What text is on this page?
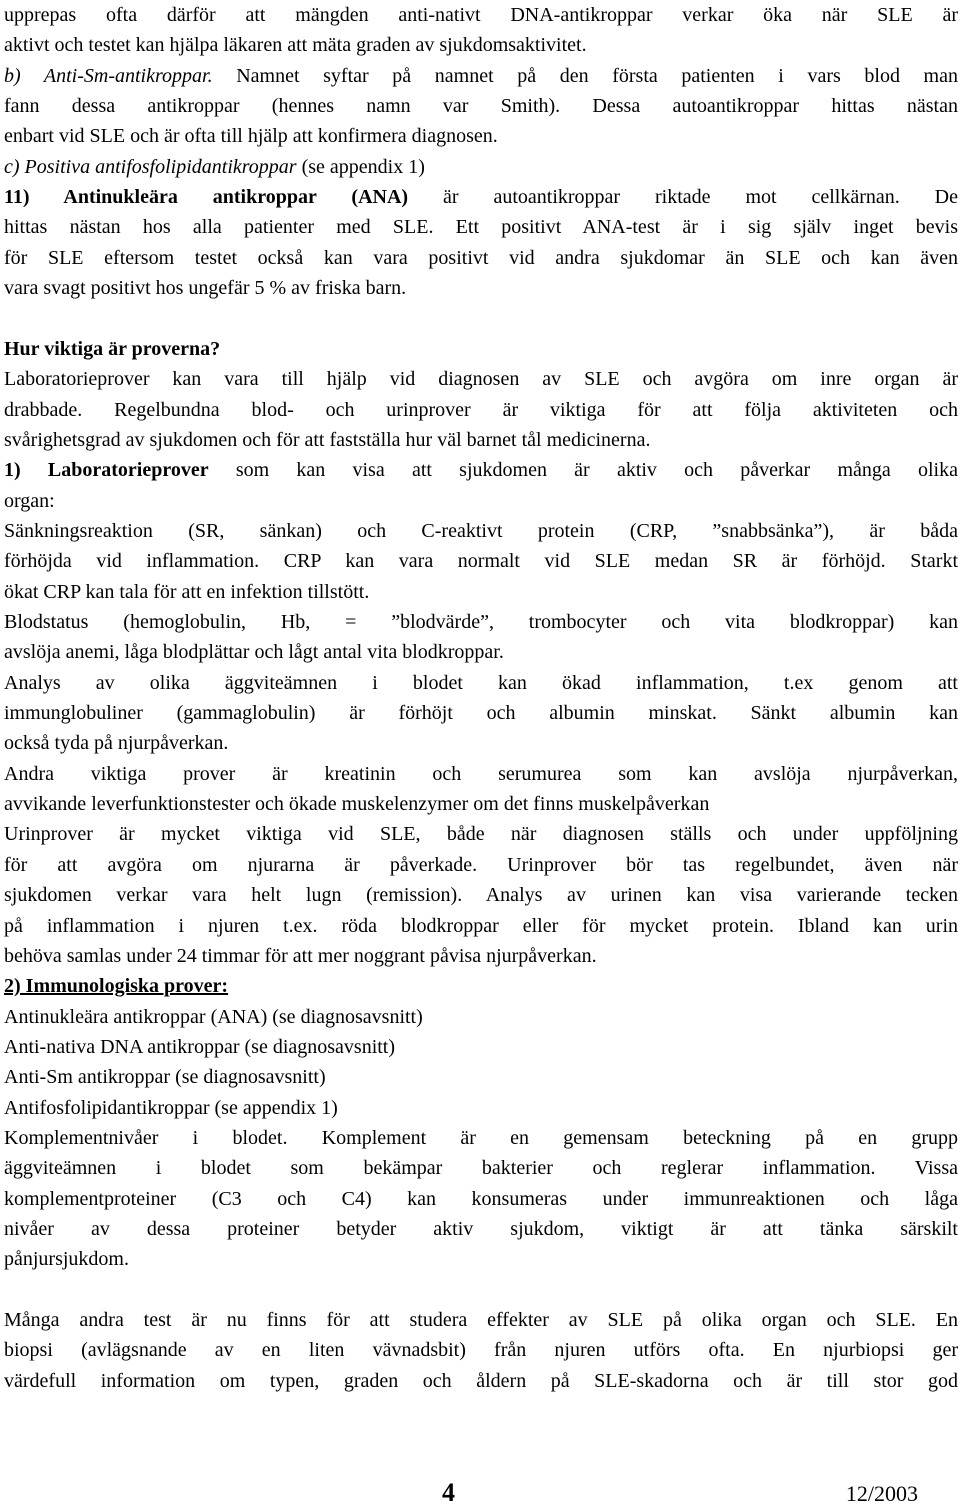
upprepas ofta därför att mängden anti-nativt DNA-antikroppar verkar öka när SLE är
aktivt och testet kan hjälpa läkaren att mäta graden av sjukdomsaktivitet.
b) Anti-Sm-antikroppar. Namnet syftar på namnet på den första patienten i vars blod man
fann dessa antikroppar (hennes namn var Smith). Dessa autoantikroppar hittas nästan
enbart vid SLE och är ofta till hjälp att konfirmera diagnosen.
c) Positiva antifosfolipidantikroppar (se appendix 1)
11) Antinukleära antikroppar (ANA) är autoantikroppar riktade mot cellkärnan. De
hittas nästan hos alla patienter med SLE. Ett positivt ANA-test är i sig själv inget bevis
för SLE eftersom testet också kan vara positivt vid andra sjukdomar än SLE och kan även
vara svagt positivt hos ungefär 5 % av friska barn.
Hur viktiga är proverna?
Laboratorieprover kan vara till hjälp vid diagnosen av SLE och avgöra om inre organ är
drabbade. Regelbundna blod- och urinprover är viktiga för att följa aktiviteten och
svårighetsgrad av sjukdomen och för att fastställa hur väl barnet tål medicinerna.
1) Laboratorieprover som kan visa att sjukdomen är aktiv och påverkar många olika
organ:
Sänkningsreaktion (SR, sänkan) och C-reaktivt protein (CRP, ”snabbsänka”), är båda
förhöjda vid inflammation. CRP kan vara normalt vid SLE medan SR är förhöjd. Starkt
ökat CRP kan tala för att en infektion tillstött.
Blodstatus (hemoglobulin, Hb, = ”blodvärde”, trombocyter och vita blodkroppar) kan
avslöja anemi, låga blodplättar och lågt antal vita blodkroppar.
Analys av olika äggviteämnen i blodet kan ökad inflammation, t.ex genom att
immunglobuliner (gammaglobulin) är förhöjt och albumin minskat. Sänkt albumin kan
också tyda på njurpåverkan.
Andra viktiga prover är kreatinin och serumurea som kan avslöja njurpåverkan,
avvikande leverfunktionstester och ökade muskelenzymer om det finns muskelpåverkan
Urinprover är mycket viktiga vid SLE, både när diagnosen ställs och under uppföljning
för att avgöra om njurarna är påverkade. Urinprover bör tas regelbundet, även när
sjukdomen verkar vara helt lugn (remission). Analys av urinen kan visa varierande tecken
på inflammation i njuren t.ex. röda blodkroppar eller för mycket protein. Ibland kan urin
behöva samlas under 24 timmar för att mer noggrant påvisa njurpåverkan.
2) Immunologiska prover:
Antinukleära antikroppar (ANA) (se diagnosavsnitt)
Anti-nativa DNA antikroppar (se diagnosavsnitt)
Anti-Sm antikroppar (se diagnosavsnitt)
Antifosfolipidantikroppar (se appendix 1)
Komplementnivåer i blodet. Komplement är en gemensam beteckning på en grupp
äggviteämnen i blodet som bekämpar bakterier och reglerar inflammation. Vissa
komplementproteiner (C3 och C4) kan konsumeras under immunreaktionen och låga
nivåer av dessa proteiner betyder aktiv sjukdom, viktigt är att tänka särskilt
pånjursjukdom.
Många andra test är nu finns för att studera effekter av SLE på olika organ och SLE. En
biopsi (avlägsnande av en liten vävnadsbit) från njuren utförs ofta. En njurbiopsi ger
värdefull information om typen, graden och åldern på SLE-skadorna och är till stor god
4	12/2003
